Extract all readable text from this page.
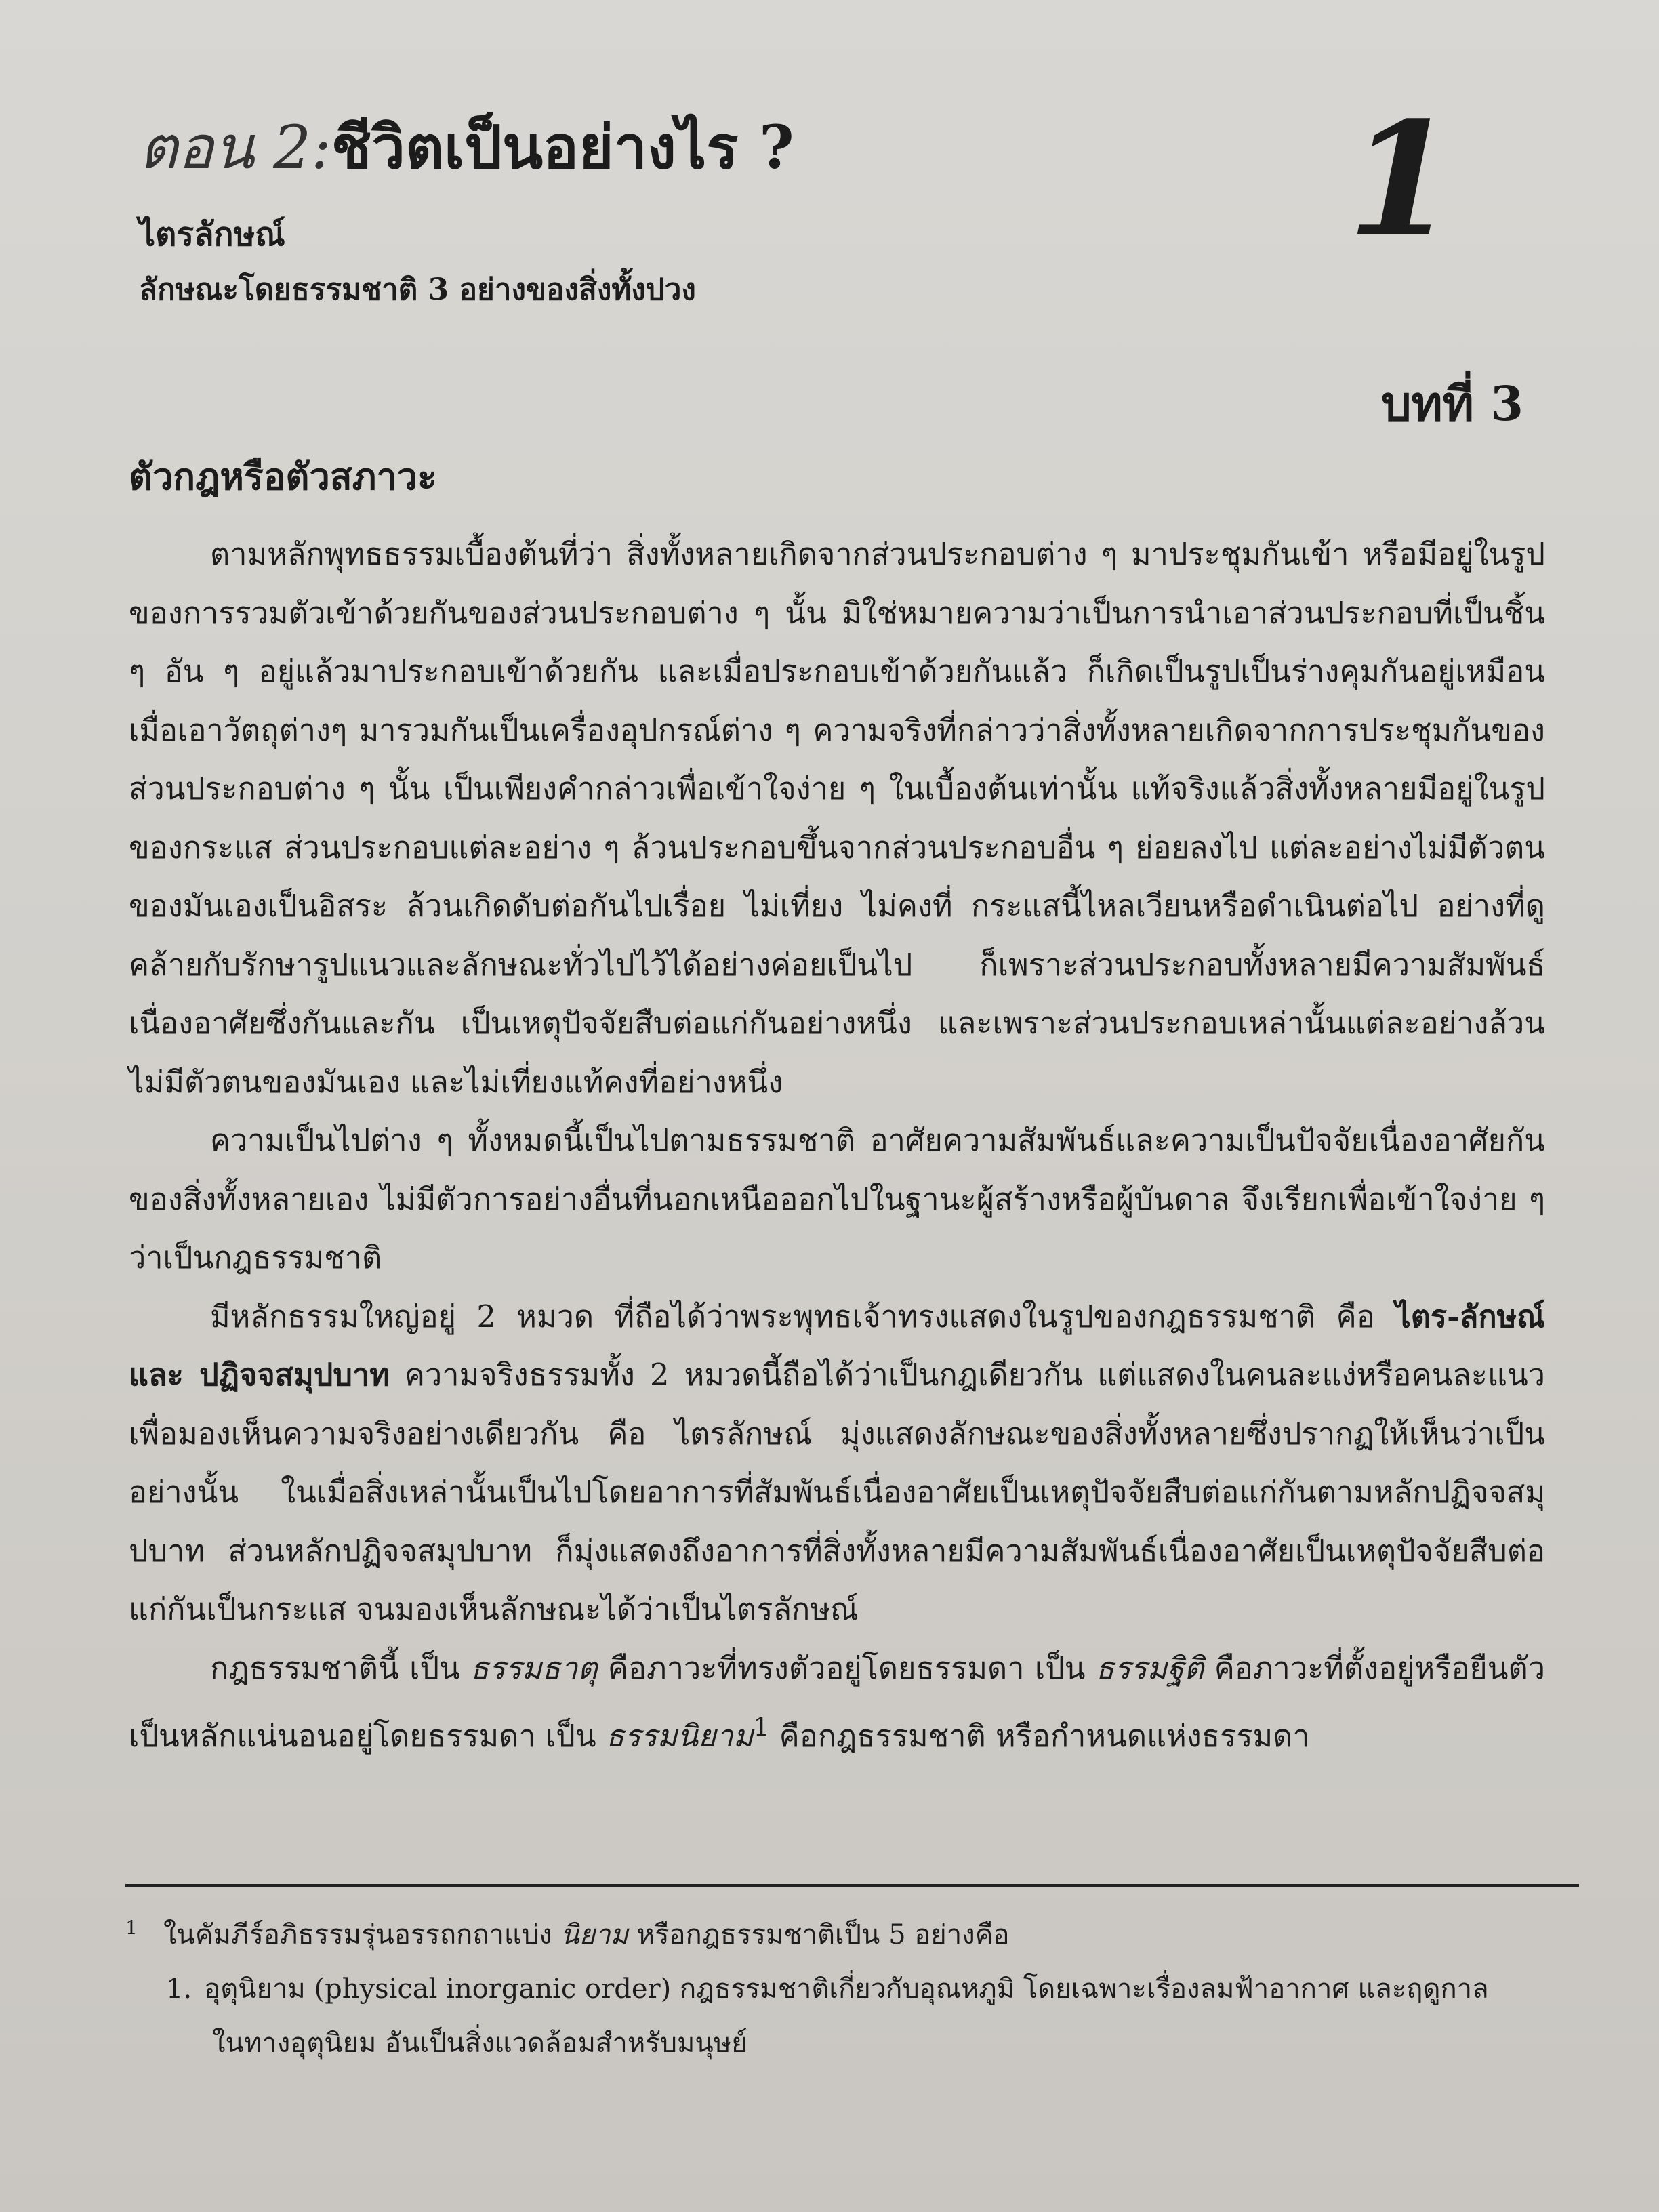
ตอน 2:ชีวิตเป็นอย่างไร ?	1
ไตรลักษณ์
ลักษณะโดยธรรมชาติ 3 อย่างของสิ่งทั้งปวง
บทที่ 3
ตัวกฎหรือตัวสภาวะ

ตามหลักพุทธธรรมเบื้องต้นที่ว่า สิ่งทั้งหลายเกิดจากส่วนประกอบต่าง ๆ มาประชุมกันเข้า หรือมีอยู่ในรูปของการรวมตัวเข้าด้วยกันของส่วนประกอบต่าง ๆ นั้น มิใช่หมายความว่าเป็นการนำเอาส่วนประกอบที่เป็นชิ้น ๆ อัน ๆ อยู่แล้วมาประกอบเข้าด้วยกัน และเมื่อประกอบเข้าด้วยกันแล้ว ก็เกิดเป็นรูปเป็นร่างคุมกันอยู่เหมือนเมื่อเอาวัตถุต่างๆ มารวมกันเป็นเครื่องอุปกรณ์ต่าง ๆ ความจริงที่กล่าวว่าสิ่งทั้งหลายเกิดจากการประชุมกันของส่วนประกอบต่าง ๆ นั้น เป็นเพียงคำกล่าวเพื่อเข้าใจง่าย ๆ ในเบื้องต้นเท่านั้น แท้จริงแล้วสิ่งทั้งหลายมีอยู่ในรูปของกระแส ส่วนประกอบแต่ละอย่าง ๆ ล้วนประกอบขึ้นจากส่วนประกอบอื่น ๆ ย่อยลงไป แต่ละอย่างไม่มีตัวตนของมันเองเป็นอิสระ ล้วนเกิดดับต่อกันไปเรื่อย ไม่เที่ยง ไม่คงที่ กระแสนี้ไหลเวียนหรือดำเนินต่อไป อย่างที่ดูคล้ายกับรักษารูปแนวและลักษณะทั่วไปไว้ได้อย่างค่อยเป็นไป ก็เพราะส่วนประกอบทั้งหลายมีความสัมพันธ์เนื่องอาศัยซึ่งกันและกัน เป็นเหตุปัจจัยสืบต่อแก่กันอย่างหนึ่ง และเพราะส่วนประกอบเหล่านั้นแต่ละอย่างล้วนไม่มีตัวตนของมันเอง และไม่เที่ยงแท้คงที่อย่างหนึ่ง

ความเป็นไปต่าง ๆ ทั้งหมดนี้เป็นไปตามธรรมชาติ อาศัยความสัมพันธ์และความเป็นปัจจัยเนื่องอาศัยกันของสิ่งทั้งหลายเอง ไม่มีตัวการอย่างอื่นที่นอกเหนือออกไปในฐานะผู้สร้างหรือผู้บันดาล จึงเรียกเพื่อเข้าใจง่าย ๆ ว่าเป็นกฎธรรมชาติ

มีหลักธรรมใหญ่อยู่ 2 หมวด ที่ถือได้ว่าพระพุทธเจ้าทรงแสดงในรูปของกฎธรรมชาติ คือ ไตร-ลักษณ์ และ ปฏิจจสมุปบาท ความจริงธรรมทั้ง 2 หมวดนี้ถือได้ว่าเป็นกฎเดียวกัน แต่แสดงในคนละแง่หรือคนละแนว เพื่อมองเห็นความจริงอย่างเดียวกัน คือ ไตรลักษณ์ มุ่งแสดงลักษณะของสิ่งทั้งหลายซึ่งปรากฏให้เห็นว่าเป็นอย่างนั้น ในเมื่อสิ่งเหล่านั้นเป็นไปโดยอาการที่สัมพันธ์เนื่องอาศัยเป็นเหตุปัจจัยสืบต่อแก่กันตามหลักปฏิจจสมุปบาท ส่วนหลักปฏิจจสมุปบาท ก็มุ่งแสดงถึงอาการที่สิ่งทั้งหลายมีความสัมพันธ์เนื่องอาศัยเป็นเหตุปัจจัยสืบต่อแก่กันเป็นกระแส จนมองเห็นลักษณะได้ว่าเป็นไตรลักษณ์

กฎธรรมชาตินี้ เป็น ธรรมธาตุ คือภาวะที่ทรงตัวอยู่โดยธรรมดา เป็น ธรรมฐิติ คือภาวะที่ตั้งอยู่หรือยืนตัวเป็นหลักแน่นอนอยู่โดยธรรมดา เป็น ธรรมนิยาม$^1$ คือกฎธรรมชาติ หรือกำหนดแห่งธรรมดา

1 ในคัมภีร์อภิธรรมรุ่นอรรถกถาแบ่ง นิยาม หรือกฎธรรมชาติเป็น 5 อย่างคือ
1. อุตุนิยาม (physical inorganic order) กฎธรรมชาติเกี่ยวกับอุณหภูมิ โดยเฉพาะเรื่องลมฟ้าอากาศ และฤดูกาล
ในทางอุตุนิยม อันเป็นสิ่งแวดล้อมสำหรับมนุษย์
